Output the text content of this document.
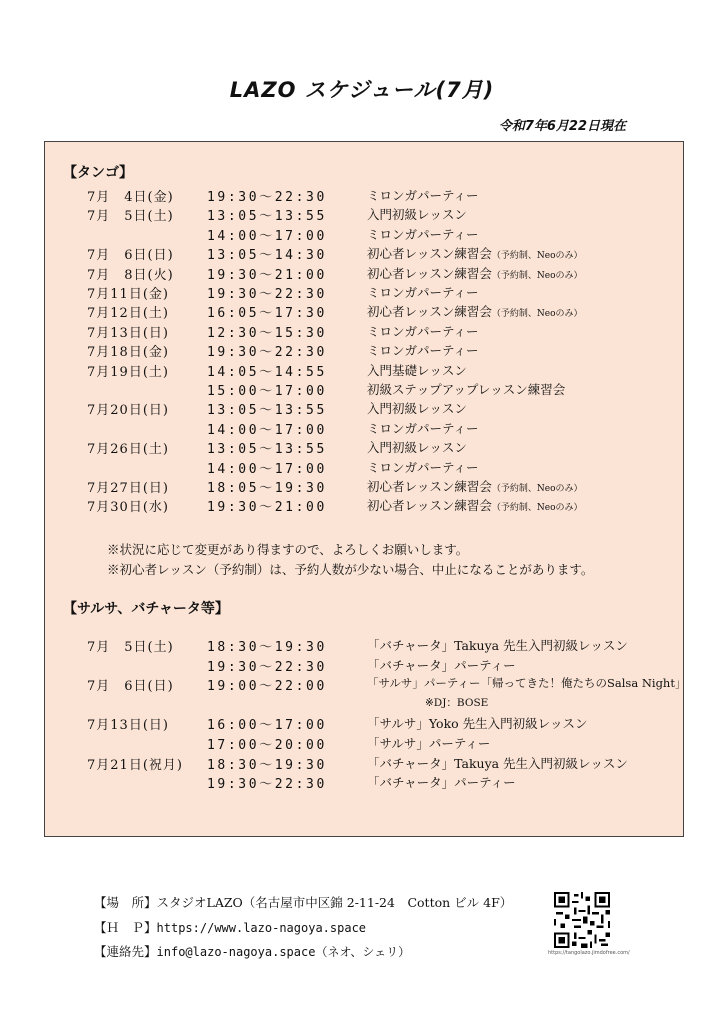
LAZO スケジュール(7月)
令和7年6月22日現在
【タンゴ】
7月　4日(金)	19:30〜22:30	ミロンガパーティー
7月　5日(土)	13:05〜13:55	入門初級レッスン
14:00〜17:00	ミロンガパーティー
7月　6日(日)	13:05〜14:30	初心者レッスン練習会（予約制、Neoのみ）
7月　8日(火)	19:30〜21:00	初心者レッスン練習会（予約制、Neoのみ）
7月11日(金)	19:30〜22:30	ミロンガパーティー
7月12日(土)	16:05〜17:30	初心者レッスン練習会（予約制、Neoのみ）
7月13日(日)	12:30〜15:30	ミロンガパーティー
7月18日(金)	19:30〜22:30	ミロンガパーティー
7月19日(土)	14:05〜14:55	入門基礎レッスン
15:00〜17:00	初級ステップアップレッスン練習会
7月20日(日)	13:05〜13:55	入門初級レッスン
14:00〜17:00	ミロンガパーティー
7月26日(土)	13:05〜13:55	入門初級レッスン
14:00〜17:00	ミロンガパーティー
7月27日(日)	18:05〜19:30	初心者レッスン練習会（予約制、Neoのみ）
7月30日(水)	19:30〜21:00	初心者レッスン練習会（予約制、Neoのみ）
※状況に応じて変更があり得ますので、よろしくお願いします。
※初心者レッスン（予約制）は、予約人数が少ない場合、中止になることがあります。
【サルサ、バチャータ等】
7月　5日(土)	18:30〜19:30	「バチャータ」Takuya 先生入門初級レッスン
19:30〜22:30	「バチャータ」パーティー
7月　6日(日)	19:00〜22:00	「サルサ」パーティー「帰ってきた！俺たちのSalsa Night」
※DJ：BOSE
7月13日(日)	16:00〜17:00	「サルサ」Yoko 先生入門初級レッスン
17:00〜20:00	「サルサ」パーティー
7月21日(祝月) 18:30〜19:30	「バチャータ」Takuya 先生入門初級レッスン
19:30〜22:30	「バチャータ」パーティー
【場　所】スタジオLAZO（名古屋市中区錦 2-11-24　Cotton ビル 4F）
【Ｈ　Ｐ】https://www.lazo-nagoya.space
【連絡先】info@lazo-nagoya.space（ネオ、シェリ）	https://tangolazo.jimdofree.com/
